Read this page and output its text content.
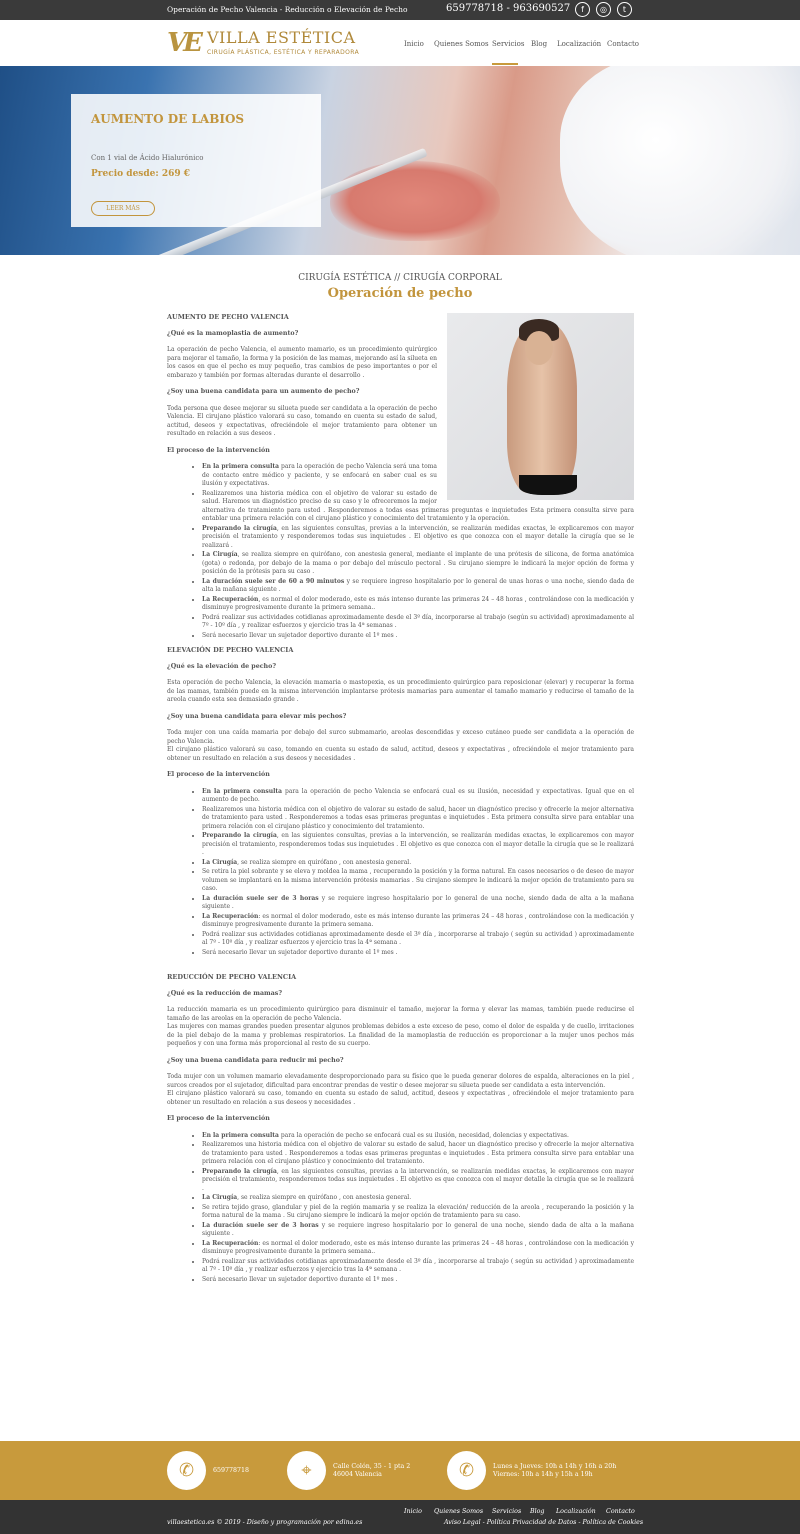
Operación de Pecho Valencia - Reducción o Elevación de Pecho	659778718 - 963690527	f	◎	t
VE VILLA ESTÉTICA
CIRUGÍA PLÁSTICA, ESTÉTICA Y REPARADORA
Inicio Quienes Somos Servicios Blog Localización Contacto
AUMENTO DE LABIOS
Con 1 vial de Ácido Hialurónico
Precio desde: 269 €
LEER MÁS
CIRUGÍA ESTÉTICA // CIRUGÍA CORPORAL
Operación de pecho
AUMENTO DE PECHO VALENCIA
¿Qué es la mamoplastia de aumento?

La operación de pecho Valencia, el aumento mamario, es un procedimiento quirúrgico para mejorar el tamaño, la forma y la posición de las mamas, mejorando así la silueta en los casos en que el pecho es muy pequeño, tras cambios de peso importantes o por el embarazo y también por formas alteradas durante el desarrollo .

¿Soy una buena candidata para un aumento de pecho?

Toda persona que desee mejorar su silueta puede ser candidata a la operación de pecho Valencia. El cirujano plástico valorará su caso, tomando en cuenta su estado de salud, actitud, deseos y expectativas, ofreciéndole el mejor tratamiento para obtener un resultado en relación a sus deseos .

El proceso de la intervención
• En la primera consulta para la operación de pecho Valencia será una toma de contacto entre médico y paciente, y se enfocará en saber cual es su ilusión y expectativas.
• Realizaremos una historia médica con el objetivo de valorar su estado de salud. Haremos un diagnóstico preciso de su caso y le ofreceremos la mejor alternativa de tratamiento para usted . Responderemos a todas esas primeras preguntas e inquietudes Esta primera consulta sirve para entablar una primera relación con el cirujano plástico y conocimiento del tratamiento y la operación.
• Preparando la cirugía, en las siguientes consultas, previas a la intervención, se realizarán medidas exactas, le explicaremos con mayor precisión el tratamiento y responderemos todas sus inquietudes . El objetivo es que conozca con el mayor detalle la cirugía que se le realizará .
• La Cirugía, se realiza siempre en quirófano, con anestesia general, mediante el implante de una prótesis de silicona, de forma anatómica (gota) o redonda, por debajo de la mama o por debajo del músculo pectoral . Su cirujano siempre le indicará la mejor opción de forma y posición de la prótesis para su caso .
• La duración suele ser de 60 a 90 minutos y se requiere ingreso hospitalario por lo general de unas horas o una noche, siendo dada de alta la mañana siguiente .
• La Recuperación, es normal el dolor moderado, este es más intenso durante las primeras 24 – 48 horas , controlándose con la medicación y disminuye progresivamente durante la primera semana..
• Podrá realizar sus actividades cotidianas aproximadamente desde el 3º día, incorporarse al trabajo (según su actividad) aproximadamente al 7º - 10º día , y realizar esfuerzos y ejercicio tras la 4ª semanas .
• Será necesario llevar un sujetador deportivo durante el 1º mes .
ELEVACIÓN DE PECHO VALENCIA
¿Qué es la elevación de pecho?

Esta operación de pecho Valencia, la elevación mamaria o mastopexia, es un procedimiento quirúrgico para reposicionar (elevar) y recuperar la forma de las mamas, también puede en la misma intervención implantarse prótesis mamarias para aumentar el tamaño mamario y reducirse el tamaño de la areola cuando esta sea demasiado grande .

¿Soy una buena candidata para elevar mis pechos?

Toda mujer con una caída mamaria por debajo del surco submamario, areolas descendidas y exceso cutáneo puede ser candidata a la operación de pecho Valencia.

El cirujano plástico valorará su caso, tomando en cuenta su estado de salud, actitud, deseos y expectativas , ofreciéndole el mejor tratamiento para obtener un resultado en relación a sus deseos y necesidades .

El proceso de la intervención
• En la primera consulta para la operación de pecho Valencia se enfocará cual es su ilusión, necesidad y expectativas. Igual que en el aumento de pecho.
• Realizaremos una historia médica con el objetivo de valorar su estado de salud, hacer un diagnóstico preciso y ofrecerle la mejor alternativa de tratamiento para usted . Responderemos a todas esas primeras preguntas e inquietudes . Esta primera consulta sirve para entablar una primera relación con el cirujano plástico y conocimiento del tratamiento.
• Preparando la cirugía, en las siguientes consultas, previas a la intervención, se realizarán medidas exactas, le explicaremos con mayor precisión el tratamiento, responderemos todas sus inquietudes . El objetivo es que conozca con el mayor detalle la cirugía que se le realizará .
• La Cirugía, se realiza siempre en quirófano , con anestesia general.
• Se retira la piel sobrante y se eleva y moldea la mama , recuperando la posición y la forma natural. En casos necesarios o de deseo de mayor volumen se implantará en la misma intervención prótesis mamarias . Su cirujano siempre le indicará la mejor opción de tratamiento para su caso.
• La duración suele ser de 3 horas y se requiere ingreso hospitalario por lo general de una noche, siendo dada de alta a la mañana siguiente .
• La Recuperación: es normal el dolor moderado, este es más intenso durante las primeras 24 – 48 horas , controlándose con la medicación y disminuye progresivamente durante la primera semana.
• Podrá realizar sus actividades cotidianas aproximadamente desde el 3º día , incorporarse al trabajo ( según su actividad ) aproximadamente al 7º - 10º día , y realizar esfuerzos y ejercicio tras la 4ª semana .
• Será necesario llevar un sujetador deportivo durante el 1º mes .
REDUCCIÓN DE PECHO VALENCIA
¿Qué es la reducción de mamas?

La reducción mamaria es un procedimiento quirúrgico para disminuir el tamaño, mejorar la forma y elevar las mamas, también puede reducirse el tamaño de las areolas en la operación de pecho Valencia.

Las mujeres con mamas grandes pueden presentar algunos problemas debidos a este exceso de peso, como el dolor de espalda y de cuello, irritaciones de la piel debajo de la mama y problemas respiratorios. La finalidad de la mamoplastia de reducción es proporcionar a la mujer unos pechos más pequeños y con una forma más proporcional al resto de su cuerpo.

¿Soy una buena candidata para reducir mi pecho?

Toda mujer con un volumen mamario elevadamente desproporcionado para su físico que le pueda generar dolores de espalda, alteraciones en la piel , surcos creados por el sujetador, dificultad para encontrar prendas de vestir o desee mejorar su silueta puede ser candidata a esta intervención.

El cirujano plástico valorará su caso, tomando en cuenta su estado de salud, actitud, deseos y expectativas , ofreciéndole el mejor tratamiento para obtener un resultado en relación a sus deseos y necesidades .

El proceso de la intervención
• En la primera consulta para la operación de pecho se enfocará cual es su ilusión, necesidad, dolencias y expectativas.
• Realizaremos una historia médica con el objetivo de valorar su estado de salud, hacer un diagnóstico preciso y ofrecerle la mejor alternativa de tratamiento para usted . Responderemos a todas esas primeras preguntas e inquietudes . Esta primera consulta sirve para entablar una primera relación con el cirujano plástico y conocimiento del tratamiento.
• Preparando la cirugía, en las siguientes consultas, previas a la intervención, se realizarán medidas exactas, le explicaremos con mayor precisión el tratamiento, responderemos todas sus inquietudes . El objetivo es que conozca con el mayor detalle la cirugía que se le realizará .
• La Cirugía, se realiza siempre en quirófano , con anestesia general.
• Se retira tejido graso, glandular y piel de la región mamaria y se realiza la elevación/ reducción de la areola , recuperando la posición y la forma natural de la mama . Su cirujano siempre le indicará la mejor opción de tratamiento para su caso.
• La duración suele ser de 3 horas y se requiere ingreso hospitalario por lo general de una noche, siendo dada de alta a la mañana siguiente .
• La Recuperación: es normal el dolor moderado, este es más intenso durante las primeras 24 – 48 horas , controlándose con la medicación y disminuye progresivamente durante la primera semana..
• Podrá realizar sus actividades cotidianas aproximadamente desde el 3º día , incorporarse al trabajo ( según su actividad ) aproximadamente al 7º - 10º día , y realizar esfuerzos y ejercicio tras la 4ª semana .
• Será necesario llevar un sujetador deportivo durante el 1º mes .
✆	659778718	⌖	Calle Colón, 35 - 1 pta 2
46004 Valencia	✆	Lunes a Jueves: 10h a 14h y 16h a 20h
Viernes: 10h a 14h y 15h a 19h
Inicio Quienes Somos Servicios Blog Localización Contacto
villaestetica.es © 2019 - Diseño y programación por edina.es	Aviso Legal - Política Privacidad de Datos - Política de Cookies
